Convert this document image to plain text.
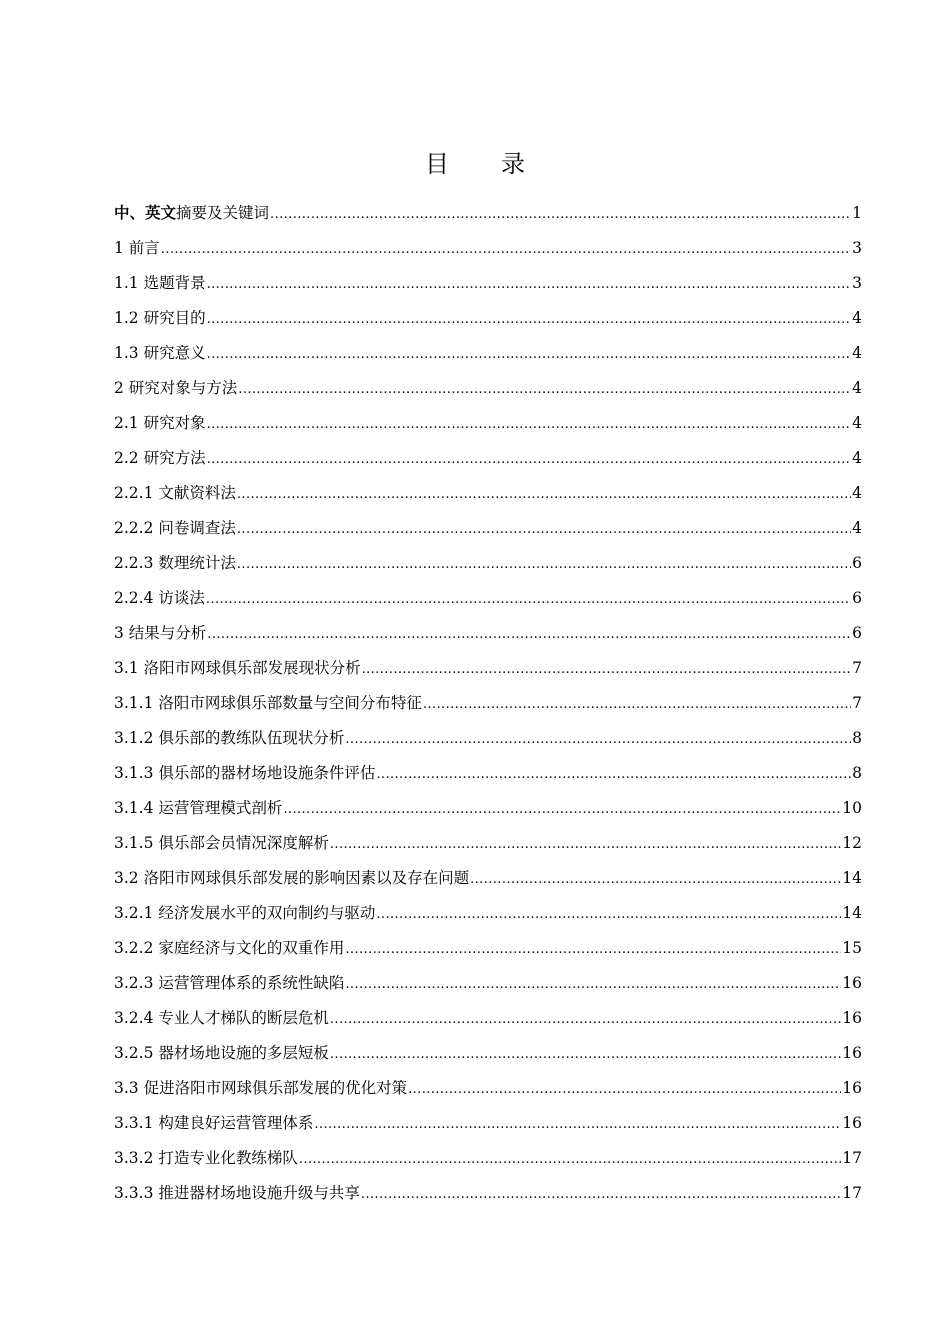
目 录
中、英文摘要及关键词 .....	1
1 前言 .....	3
1.1 选题背景 .....	3
1.2 研究目的 .....	4
1.3 研究意义 .....	4
2 研究对象与方法 .....	4
2.1 研究对象 .....	4
2.2 研究方法 .....	4
2.2.1 文献资料法 .....	4
2.2.2 问卷调查法 .....	4
2.2.3 数理统计法 .....	6
2.2.4 访谈法 .....	6
3 结果与分析 .....	6
3.1 洛阳市网球俱乐部发展现状分析 .....	7
3.1.1 洛阳市网球俱乐部数量与空间分布特征 .....	7
3.1.2 俱乐部的教练队伍现状分析 .....	8
3.1.3 俱乐部的器材场地设施条件评估 .....	8
3.1.4 运营管理模式剖析 .....	10
3.1.5 俱乐部会员情况深度解析 .....	12
3.2 洛阳市网球俱乐部发展的影响因素以及存在问题 .....	14
3.2.1 经济发展水平的双向制约与驱动 .....	14
3.2.2 家庭经济与文化的双重作用 .....	15
3.2.3 运营管理体系的系统性缺陷 .....	16
3.2.4 专业人才梯队的断层危机 .....	16
3.2.5 器材场地设施的多层短板 .....	16
3.3 促进洛阳市网球俱乐部发展的优化对策 .....	16
3.3.1 构建良好运营管理体系 .....	16
3.3.2 打造专业化教练梯队 .....	17
3.3.3 推进器材场地设施升级与共享 .....	17
